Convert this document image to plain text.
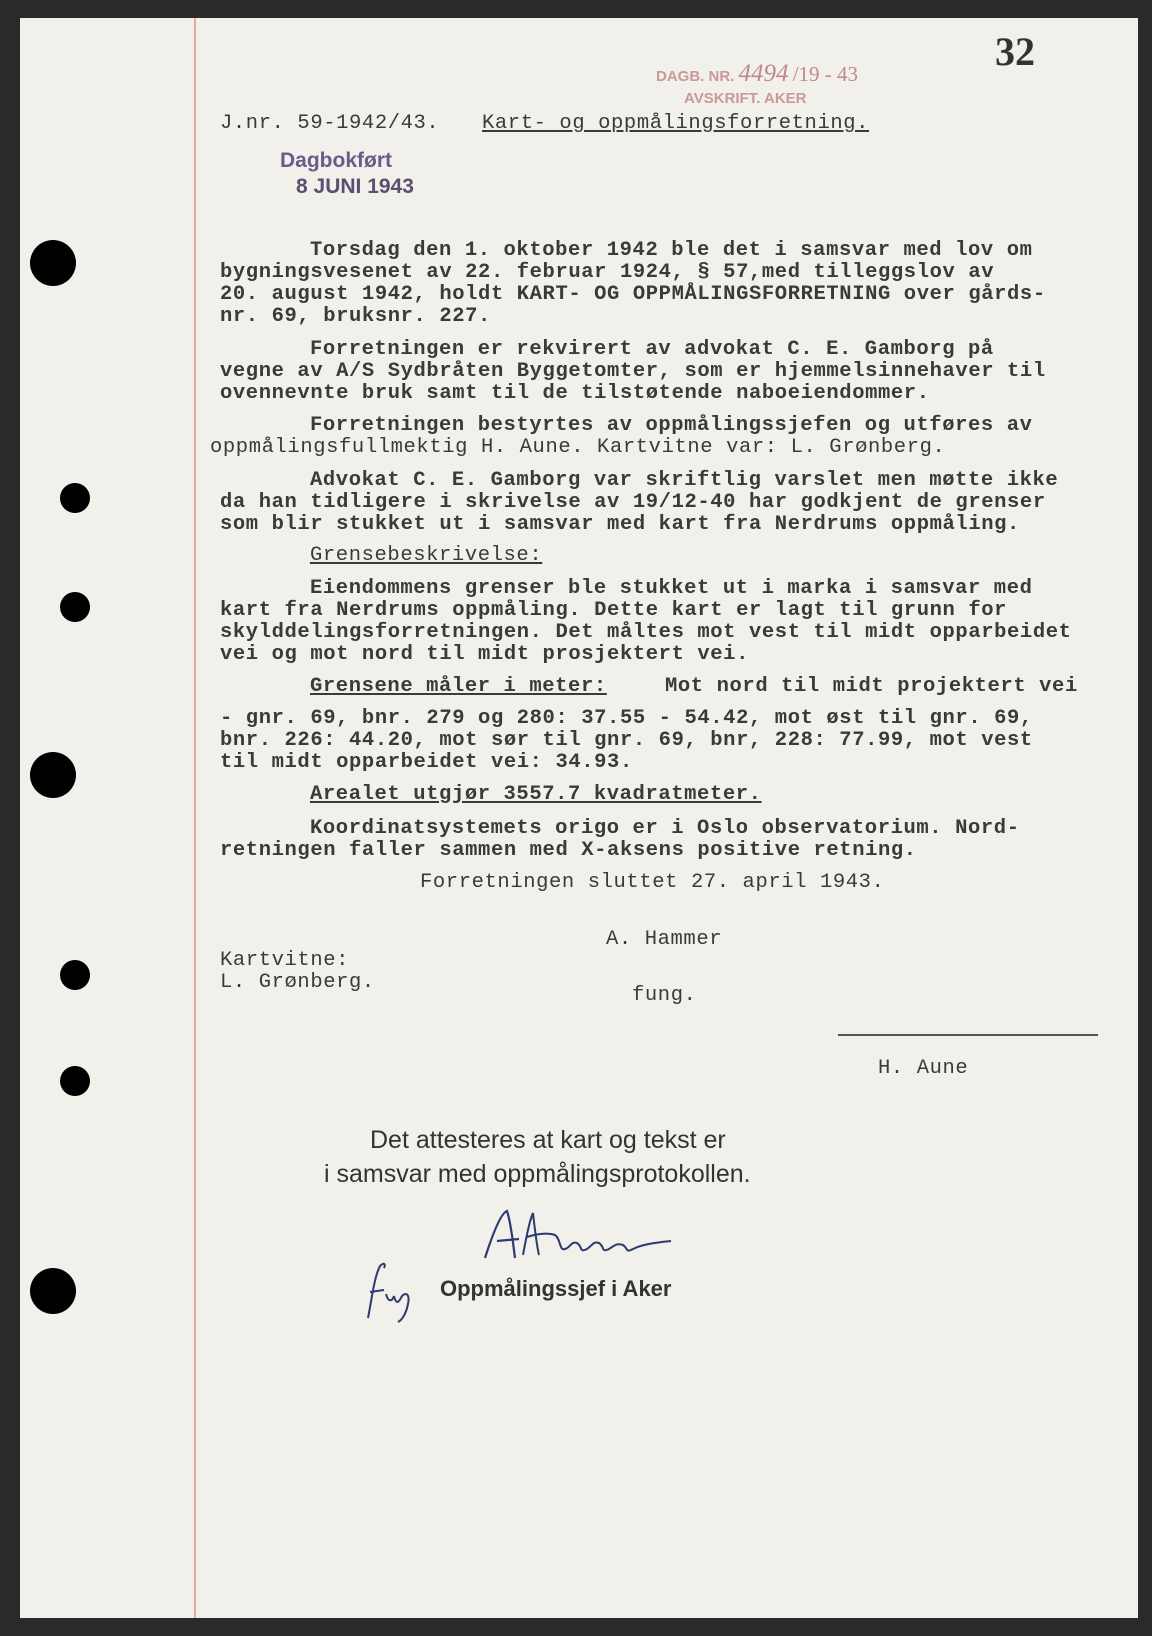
DAGB. NR. 4494 /19 - 43
AVSKRIFT. AKER
32
J.nr. 59-1942/43. Kart- og oppmålingsforretning.
Dagbokført
8 JUNI 1943
Torsdag den 1. oktober 1942 ble det i samsvar med lov om
bygningsvesenet av 22. februar 1924, § 57,med tilleggslov av
20. august 1942, holdt KART- OG OPPMÅLINGSFORRETNING over gårds-
nr. 69, bruksnr. 227.
Forretningen er rekvirert av advokat C. E. Gamborg på
vegne av A/S Sydbråten Byggetomter, som er hjemmelsinnehaver til
ovennevnte bruk samt til de tilstøtende naboeiendommer.
Forretningen bestyrtes av oppmålingssjefen og utføres av
oppmålingsfullmektig H. Aune. Kartvitne var: L. Grønberg.
Advokat C. E. Gamborg var skriftlig varslet men møtte ikke
da han tidligere i skrivelse av 19/12-40 har godkjent de grenser
som blir stukket ut i samsvar med kart fra Nerdrums oppmåling.
Grensebeskrivelse:
Eiendommens grenser ble stukket ut i marka i samsvar med
kart fra Nerdrums oppmåling. Dette kart er lagt til grunn for
skylddelingsforretningen. Det måltes mot vest til midt opparbeidet
vei og mot nord til midt prosjektert vei.
Grensene måler i meter:	Mot nord til midt projektert vei
- gnr. 69, bnr. 279 og 280: 37.55 - 54.42, mot øst til gnr. 69,
bnr. 226: 44.20, mot sør til gnr. 69, bnr, 228: 77.99, mot vest
til midt opparbeidet vei: 34.93.
Arealet utgjør 3557.7 kvadratmeter.
Koordinatsystemets origo er i Oslo observatorium. Nord-
retningen faller sammen med X-aksens positive retning.
Forretningen sluttet 27. april 1943.
A. Hammer
Kartvitne:
L. Grønberg.
fung.
H. Aune
Det attesteres at kart og tekst er
i samsvar med oppmålingsprotokollen.
Oppmålingssjef i Aker
